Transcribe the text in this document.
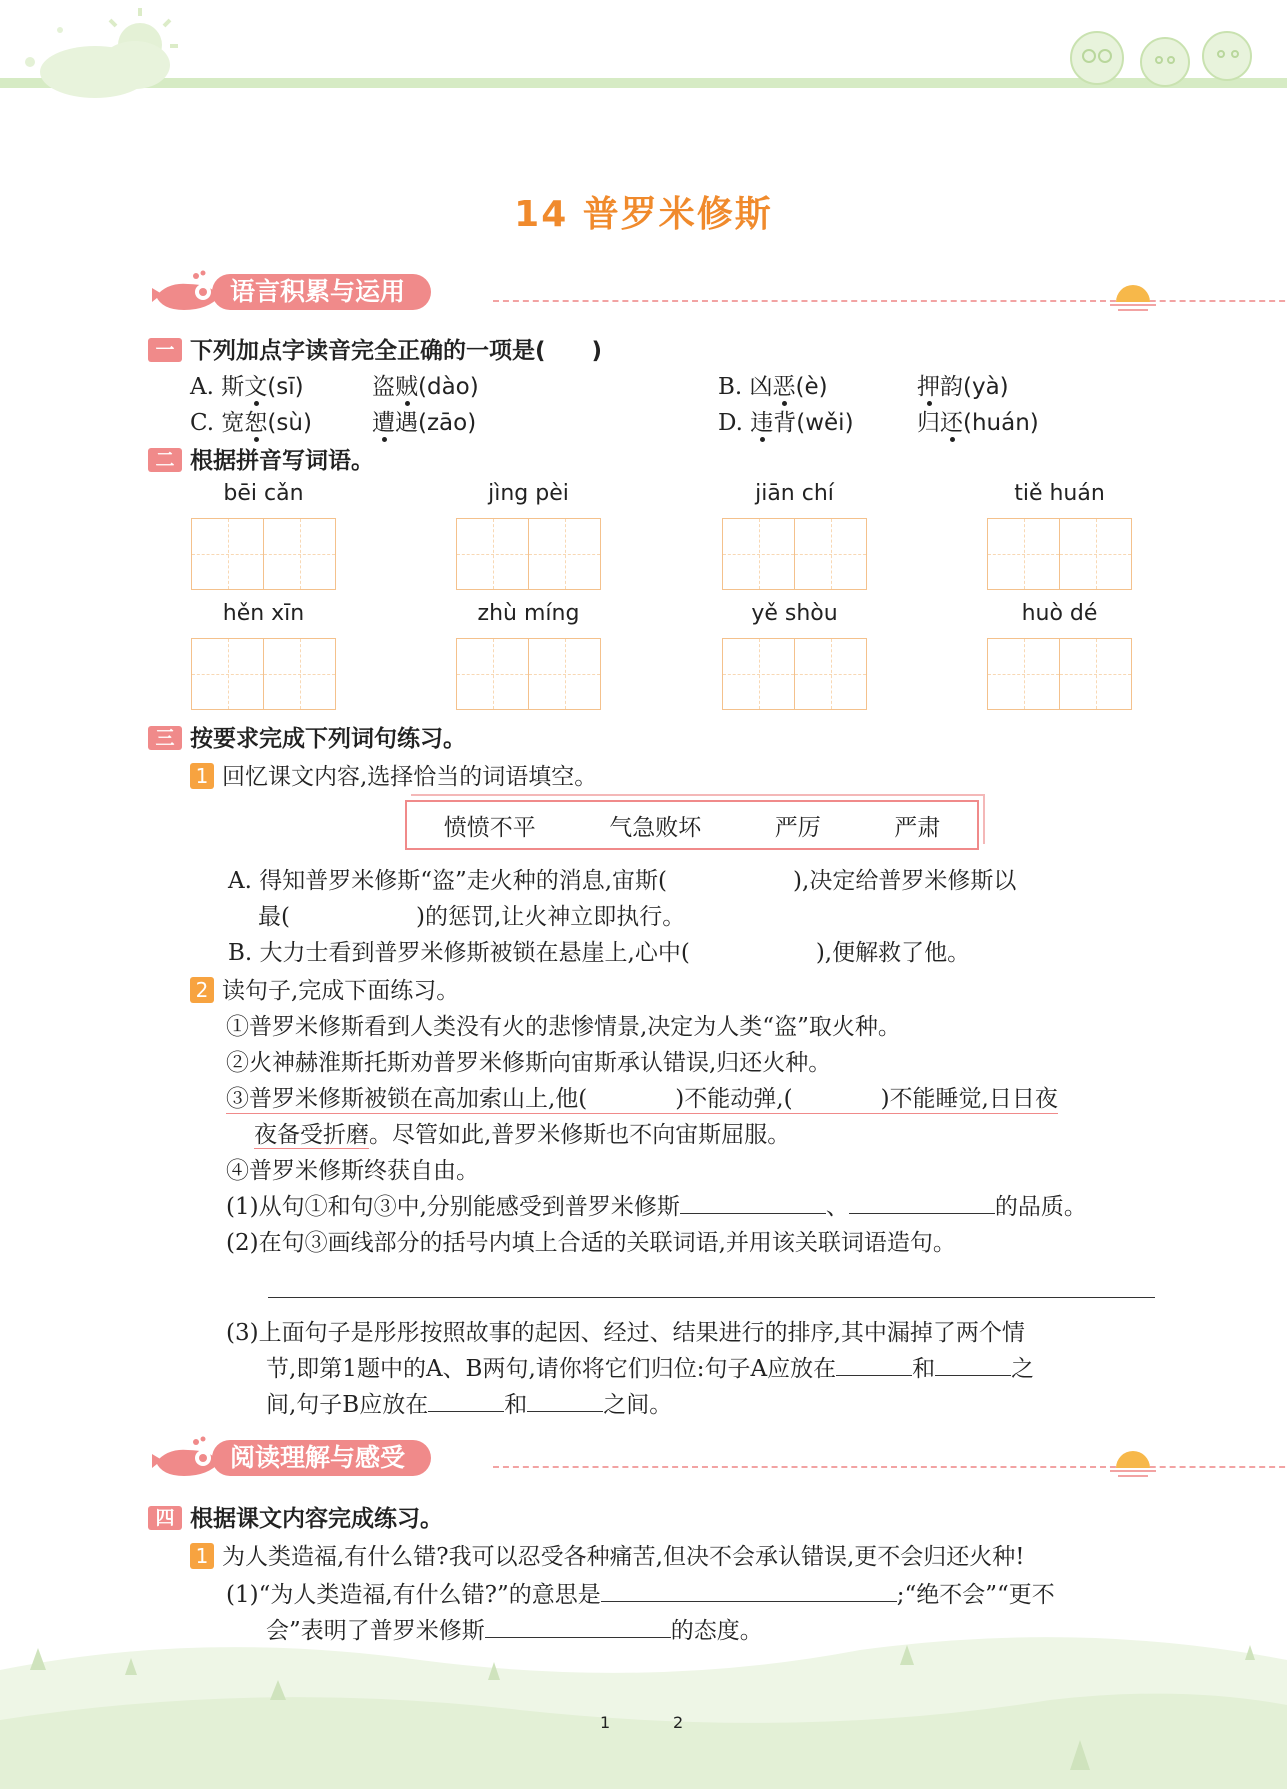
14 普罗米修斯
语言积累与运用
一 下列加点字读音完全正确的一项是(　　)
A. 斯文(sī)	盗贼(dào)	B. 凶恶(è)	押韵(yà)
C. 宽恕(sù)	遭遇(zāo)	D. 违背(wěi)	归还(huán)
二 根据拼音写词语。
bēi cǎn	jìng pèi	jiān chí	tiě huán
hěn xīn	zhù míng	yě shòu	huò dé
三 按要求完成下列词句练习。
1 回忆课文内容,选择恰当的词语填空。
愤愤不平	气急败坏	严厉	严肃
A. 得知普罗米修斯“盗”走火种的消息,宙斯(	),决定给普罗米修斯以
最(	)的惩罚,让火神立即执行。
B. 大力士看到普罗米修斯被锁在悬崖上,心中(	),便解救了他。
2 读句子,完成下面练习。
①普罗米修斯看到人类没有火的悲惨情景,决定为人类“盗”取火种。
②火神赫淮斯托斯劝普罗米修斯向宙斯承认错误,归还火种。
③普罗米修斯被锁在高加索山上,他(	)不能动弹,(	)不能睡觉,日日夜
夜备受折磨。尽管如此,普罗米修斯也不向宙斯屈服。
④普罗米修斯终获自由。
(1)从句①和句③中,分别能感受到普罗米修斯	、	的品质。
(2)在句③画线部分的括号内填上合适的关联词语,并用该关联词语造句。
(3)上面句子是彤彤按照故事的起因、经过、结果进行的排序,其中漏掉了两个情
节,即第1题中的A、B两句,请你将它们归位:句子A应放在	和	之
间,句子B应放在	和	之间。
阅读理解与感受
四 根据课文内容完成练习。
1 为人类造福,有什么错?我可以忍受各种痛苦,但决不会承认错误,更不会归还火种!
(1)“为人类造福,有什么错?”的意思是	;“绝不会”“更不
会”表明了普罗米修斯	的态度。
1	2
